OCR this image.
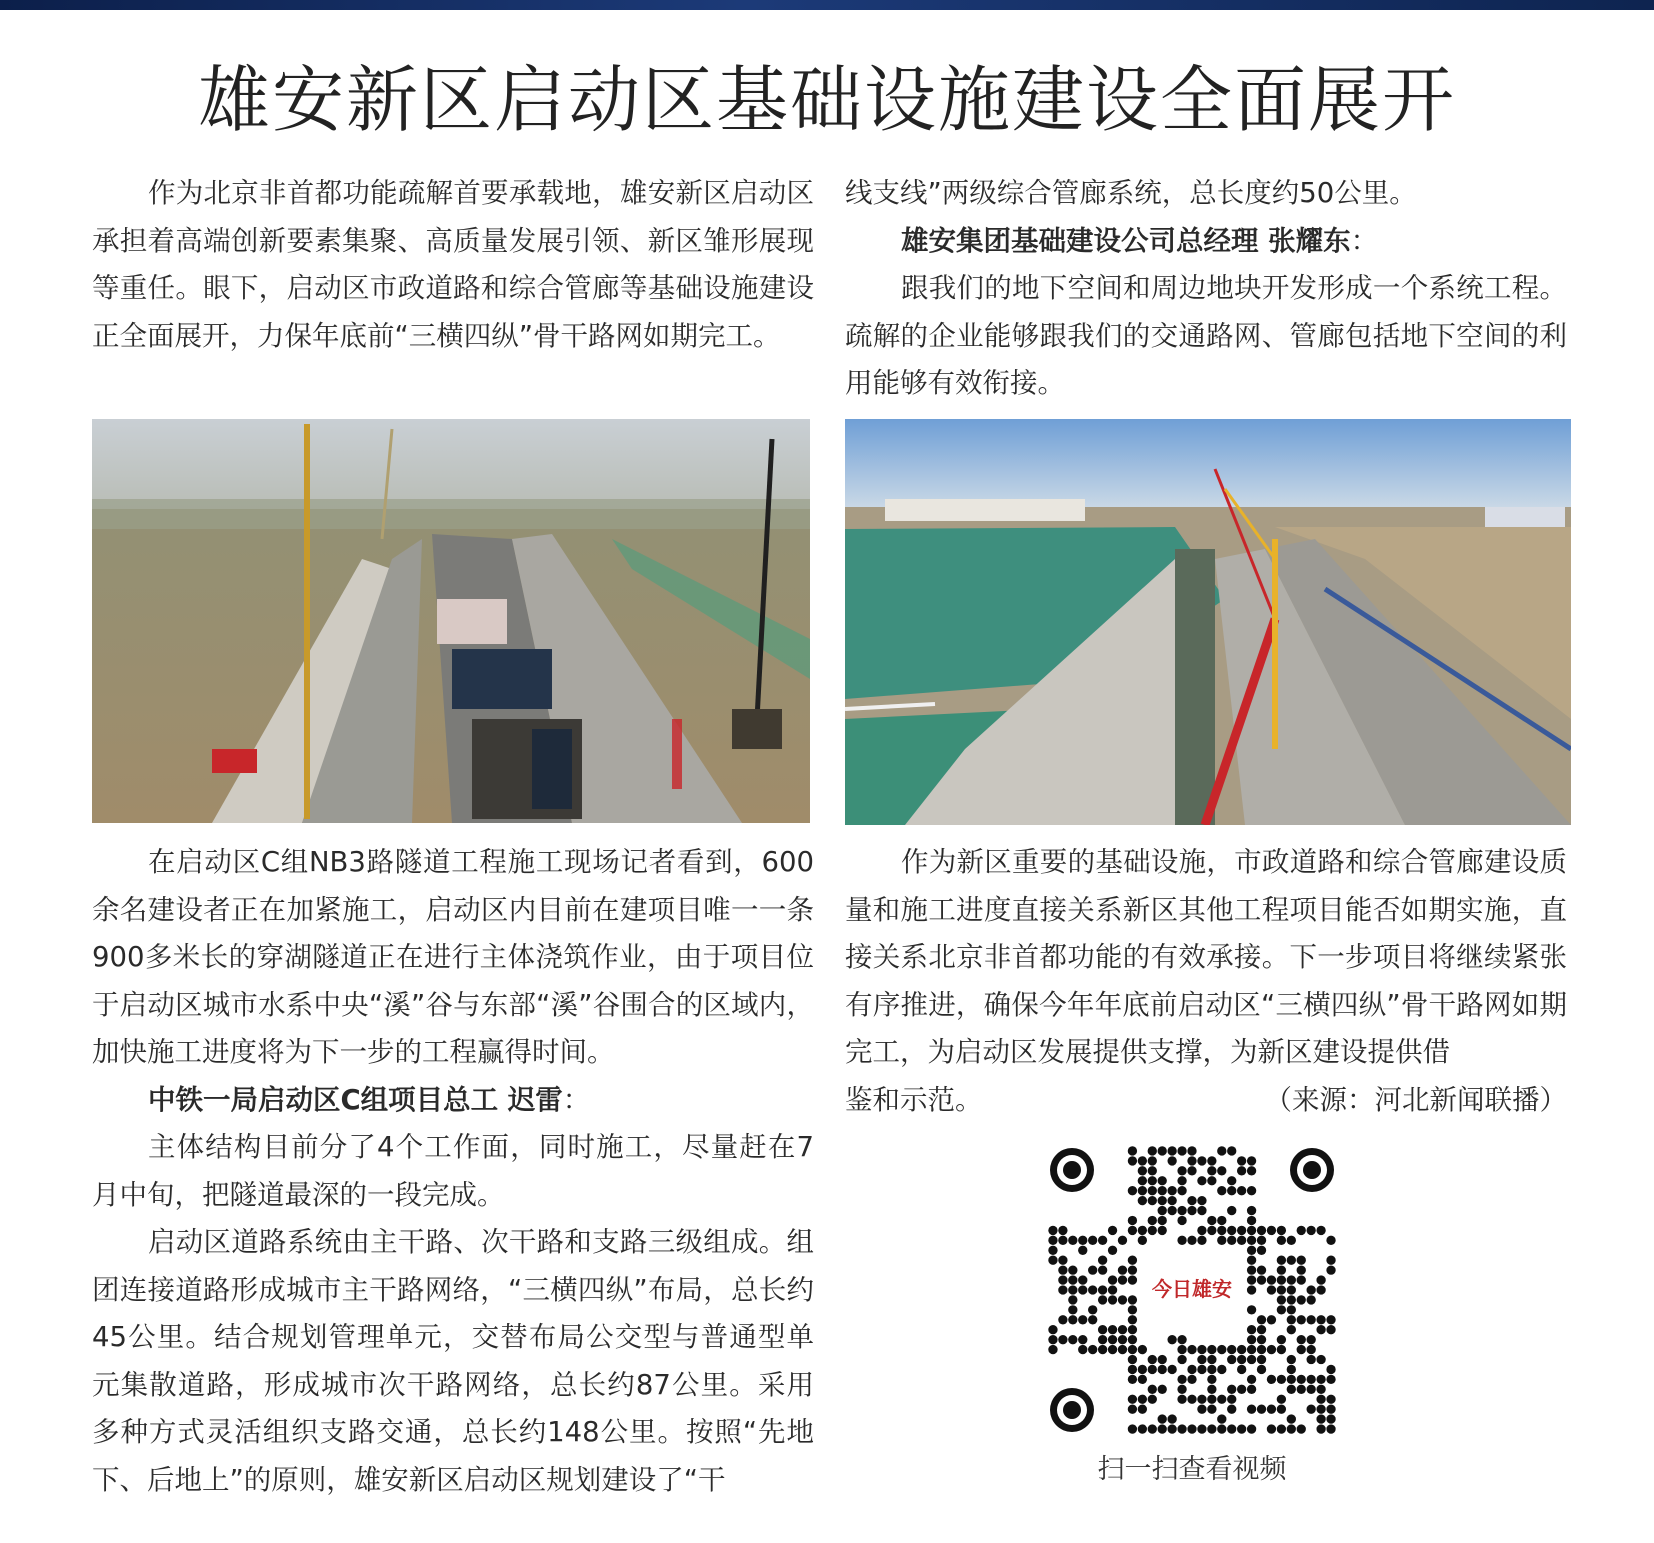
雄安新区启动区基础设施建设全面展开

作为北京非首都功能疏解首要承载地，雄安新区启动区承担着高端创新要素集聚、高质量发展引领、新区雏形展现等重任。眼下，启动区市政道路和综合管廊等基础设施建设正全面展开，力保年底前“三横四纵”骨干路网如期完工。

在启动区C组NB3路隧道工程施工现场记者看到，600余名建设者正在加紧施工，启动区内目前在建项目唯一一条900多米长的穿湖隧道正在进行主体浇筑作业，由于项目位于启动区城市水系中央“溪”谷与东部“溪”谷围合的区域内，加快施工进度将为下一步的工程赢得时间。

中铁一局启动区C组项目总工 迟雷：

主体结构目前分了4个工作面，同时施工，尽量赶在7月中旬，把隧道最深的一段完成。

启动区道路系统由主干路、次干路和支路三级组成。组团连接道路形成城市主干路网络，“三横四纵”布局，总长约45公里。结合规划管理单元，交替布局公交型与普通型单元集散道路，形成城市次干路网络，总长约87公里。采用多种方式灵活组织支路交通，总长约148公里。按照“先地下、后地上”的原则，雄安新区启动区规划建设了“干

线支线”两级综合管廊系统，总长度约50公里。

雄安集团基础建设公司总经理 张耀东：

跟我们的地下空间和周边地块开发形成一个系统工程。疏解的企业能够跟我们的交通路网、管廊包括地下空间的利用能够有效衔接。

作为新区重要的基础设施，市政道路和综合管廊建设质量和施工进度直接关系新区其他工程项目能否如期实施，直接关系北京非首都功能的有效承接。下一步项目将继续紧张有序推进，确保今年年底前启动区“三横四纵”骨干路网如期完工，为启动区发展提供支撑，为新区建设提供借

鉴和示范。	（来源：河北新闻联播）

今日雄安
扫一扫查看视频
